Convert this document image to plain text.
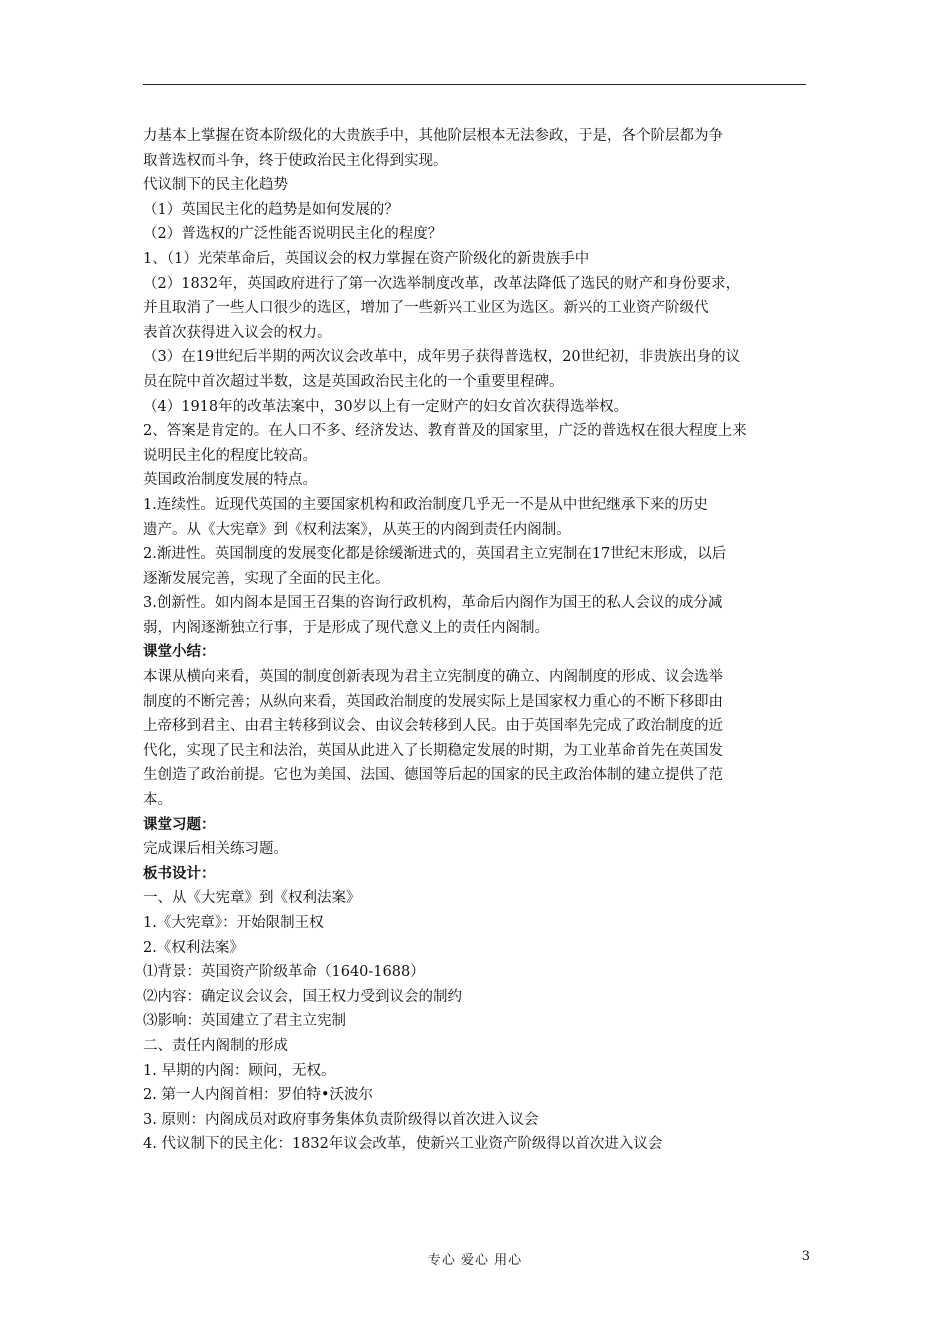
力基本上掌握在资本阶级化的大贵族手中，其他阶层根本无法参政，于是，各个阶层都为争

取普选权而斗争，终于使政治民主化得到实现。

代议制下的民主化趋势

（1）英国民主化的趋势是如何发展的？

（2）普选权的广泛性能否说明民主化的程度？

1、（1）光荣革命后，英国议会的权力掌握在资产阶级化的新贵族手中

（2）1832年，英国政府进行了第一次选举制度改革，改革法降低了选民的财产和身份要求，

并且取消了一些人口很少的选区，增加了一些新兴工业区为选区。新兴的工业资产阶级代

表首次获得进入议会的权力。

（3）在19世纪后半期的两次议会改革中，成年男子获得普选权，20世纪初，非贵族出身的议

员在院中首次超过半数，这是英国政治民主化的一个重要里程碑。

（4）1918年的改革法案中，30岁以上有一定财产的妇女首次获得选举权。

2、答案是肯定的。在人口不多、经济发达、教育普及的国家里，广泛的普选权在很大程度上来

说明民主化的程度比较高。

英国政治制度发展的特点。

1.连续性。近现代英国的主要国家机构和政治制度几乎无一不是从中世纪继承下来的历史

遗产。从《大宪章》到《权利法案》，从英王的内阁到责任内阁制。

2.渐进性。英国制度的发展变化都是徐缓渐进式的，英国君主立宪制在17世纪末形成，以后

逐渐发展完善，实现了全面的民主化。

3.创新性。如内阁本是国王召集的咨询行政机构，革命后内阁作为国王的私人会议的成分减

弱，内阁逐渐独立行事，于是形成了现代意义上的责任内阁制。

课堂小结：

本课从横向来看，英国的制度创新表现为君主立宪制度的确立、内阁制度的形成、议会选举

制度的不断完善；从纵向来看，英国政治制度的发展实际上是国家权力重心的不断下移即由

上帝移到君主、由君主转移到议会、由议会转移到人民。由于英国率先完成了政治制度的近

代化，实现了民主和法治，英国从此进入了长期稳定发展的时期，为工业革命首先在英国发

生创造了政治前提。它也为美国、法国、德国等后起的国家的民主政治体制的建立提供了范

本。

课堂习题：

完成课后相关练习题。

板书设计：

一、从《大宪章》到《权利法案》

1.《大宪章》：开始限制王权

2.《权利法案》

⑴背景：英国资产阶级革命（1640-1688）

⑵内容：确定议会议会，国王权力受到议会的制约

⑶影响：英国建立了君主立宪制

二、责任内阁制的形成

1. 早期的内阁：顾问，无权。

2. 第一人内阁首相：罗伯特•沃波尔

3. 原则：内阁成员对政府事务集体负责阶级得以首次进入议会

4. 代议制下的民主化：1832年议会改革，使新兴工业资产阶级得以首次进入议会

专心 爱心 用心	3
